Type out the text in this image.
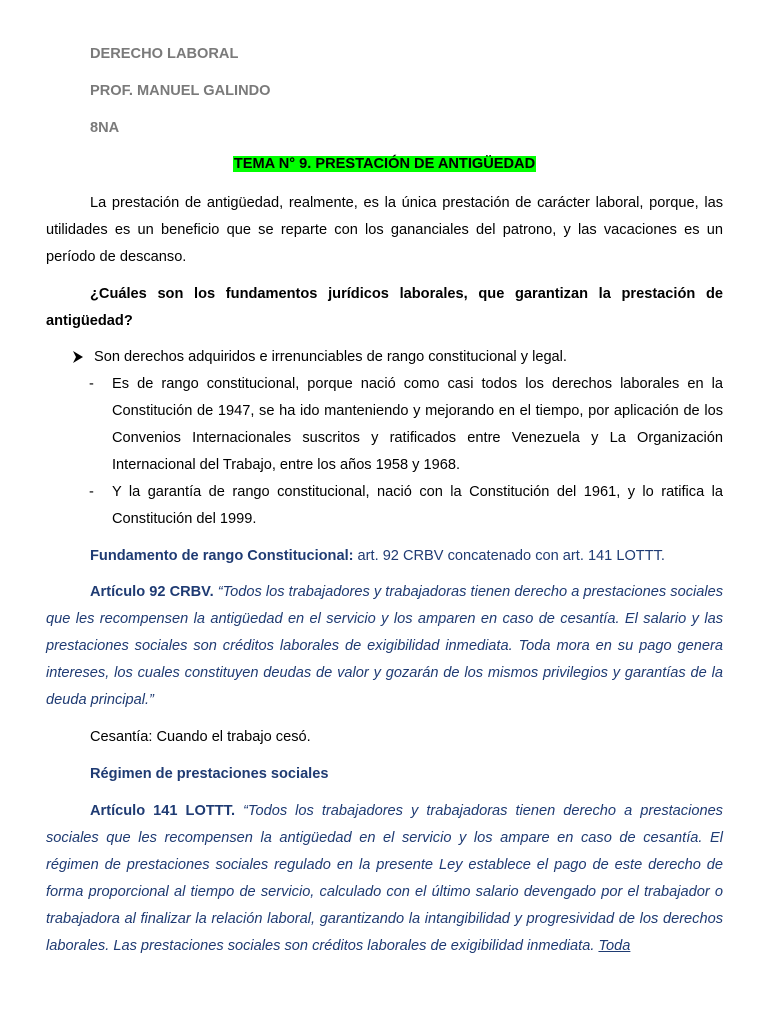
DERECHO LABORAL
PROF. MANUEL GALINDO
8NA
TEMA N° 9. PRESTACIÓN DE ANTIGÜEDAD
La prestación de antigüedad, realmente, es la única prestación de carácter laboral, porque, las utilidades es un beneficio que se reparte con los gananciales del patrono, y las vacaciones es un período de descanso.
¿Cuáles son los fundamentos jurídicos laborales, que garantizan la prestación de antigüedad?
Son derechos adquiridos e irrenunciables de rango constitucional y legal.
- Es de rango constitucional, porque nació como casi todos los derechos laborales en la Constitución de 1947, se ha ido manteniendo y mejorando en el tiempo, por aplicación de los Convenios Internacionales suscritos y ratificados entre Venezuela y La Organización Internacional del Trabajo, entre los años 1958 y 1968.
- Y la garantía de rango constitucional, nació con la Constitución del 1961, y lo ratifica la Constitución del 1999.
Fundamento de rango Constitucional: art. 92 CRBV concatenado con art. 141 LOTTT.
Artículo 92 CRBV. “Todos los trabajadores y trabajadoras tienen derecho a prestaciones sociales que les recompensen la antigüedad en el servicio y los amparen en caso de cesantía. El salario y las prestaciones sociales son créditos laborales de exigibilidad inmediata. Toda mora en su pago genera intereses, los cuales constituyen deudas de valor y gozarán de los mismos privilegios y garantías de la deuda principal.”
Cesantía: Cuando el trabajo cesó.
Régimen de prestaciones sociales
Artículo 141 LOTTT. “Todos los trabajadores y trabajadoras tienen derecho a prestaciones sociales que les recompensen la antigüedad en el servicio y los ampare en caso de cesantía. El régimen de prestaciones sociales regulado en la presente Ley establece el pago de este derecho de forma proporcional al tiempo de servicio, calculado con el último salario devengado por el trabajador o trabajadora al finalizar la relación laboral, garantizando la intangibilidad y progresividad de los derechos laborales. Las prestaciones sociales son créditos laborales de exigibilidad inmediata. Toda
